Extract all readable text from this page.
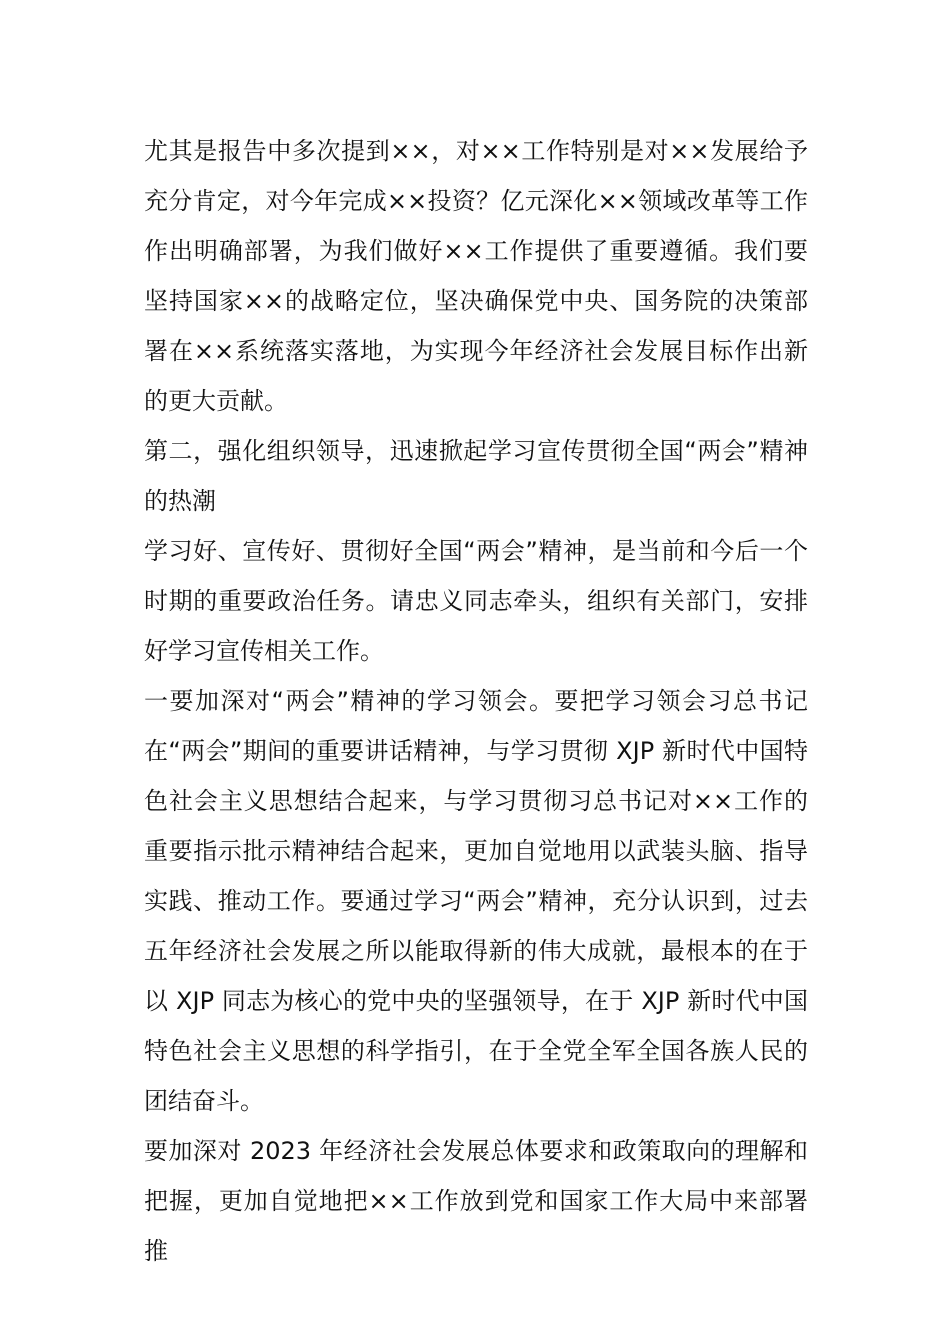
尤其是报告中多次提到××，对××工作特别是对××发展给予充分肯定，对今年完成××投资？亿元深化××领域改革等工作作出明确部署，为我们做好××工作提供了重要遵循。我们要坚持国家××的战略定位，坚决确保党中央、国务院的决策部署在××系统落实落地，为实现今年经济社会发展目标作出新的更大贡献。

第二，强化组织领导，迅速掀起学习宣传贯彻全国“两会”精神的热潮

学习好、宣传好、贯彻好全国“两会”精神，是当前和今后一个时期的重要政治任务。请忠义同志牵头，组织有关部门，安排好学习宣传相关工作。

一要加深对“两会”精神的学习领会。要把学习领会习总书记在“两会”期间的重要讲话精神，与学习贯彻 XJP 新时代中国特色社会主义思想结合起来，与学习贯彻习总书记对××工作的重要指示批示精神结合起来，更加自觉地用以武装头脑、指导实践、推动工作。要通过学习“两会”精神，充分认识到，过去五年经济社会发展之所以能取得新的伟大成就，最根本的在于以 XJP 同志为核心的党中央的坚强领导，在于 XJP 新时代中国特色社会主义思想的科学指引，在于全党全军全国各族人民的团结奋斗。

要加深对 2023 年经济社会发展总体要求和政策取向的理解和把握，更加自觉地把××工作放到党和国家工作大局中来部署推
